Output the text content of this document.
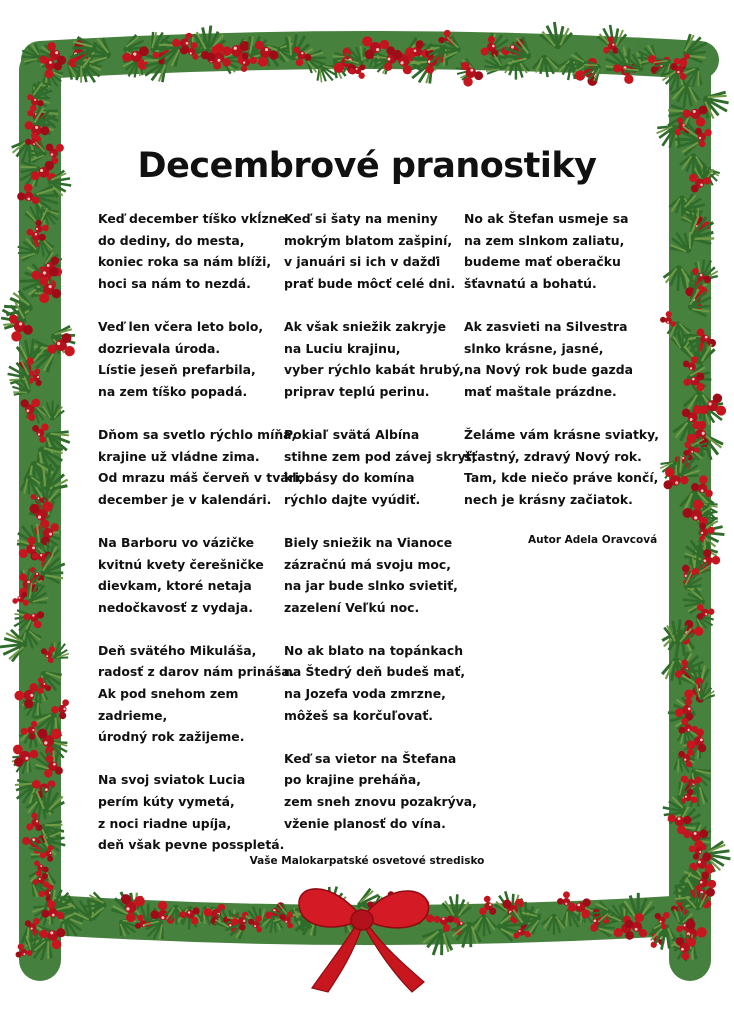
Decembrové pranostiky
Keď december tíško vkĺzne
do dediny, do mesta,
koniec roka sa nám blíži,
hoci sa nám to nezdá.
Veď len včera leto bolo,
dozrievala úroda.
Lístie jeseň prefarbila,
na zem tíško popadá.
Dňom sa svetlo rýchlo míňa,
krajine už vládne zima.
Od mrazu máš červeň v tvári,
december je v kalendári.
Na Barboru vo vázičke
kvitnú kvety čerešničke
dievkam, ktoré netaja
nedočkavosť z vydaja.
Deň svätého Mikuláša,
radosť z darov nám prináša.
Ak pod snehom zem
zadrieme,
úrodný rok zažijeme.
Na svoj sviatok Lucia
perím kúty vymetá,
z noci riadne upíja,
deň však pevne posspletá.
Keď si šaty na meniny
mokrým blatom zašpiní,
v januári si ich v dažďi
prať bude môcť celé dni.
Ak však sniežik zakryje
na Luciu krajinu,
vyber rýchlo kabát hrubý,
priprav teplú perinu.
Pokiaľ svätá Albína
stihne zem pod závej skryť,
klobásy do komína
rýchlo dajte vyúdiť.
Biely sniežik na Vianoce
zázračnú má svoju moc,
na jar bude slnko svietiť,
zazelení Veľkú noc.
No ak blato na topánkach
na Štedrý deň budeš mať,
na Jozefa voda zmrzne,
môžeš sa korčuľovať.
Keď sa vietor na Štefana
po krajine preháňa,
zem sneh znovu pozakrýva,
vženie planosť do vína.
No ak Štefan usmeje sa
na zem slnkom zaliatu,
budeme mať oberačku
šťavnatú a bohatú.
Ak zasvieti na Silvestra
slnko krásne, jasné,
na Nový rok bude gazda
mať maštale prázdne.
Želáme vám krásne sviatky,
šťastný, zdravý Nový rok.
Tam, kde niečo práve končí,
nech je krásny začiatok.
Autor Adela Oravcová
Vaše Malokarpatské osvetové stredisko
